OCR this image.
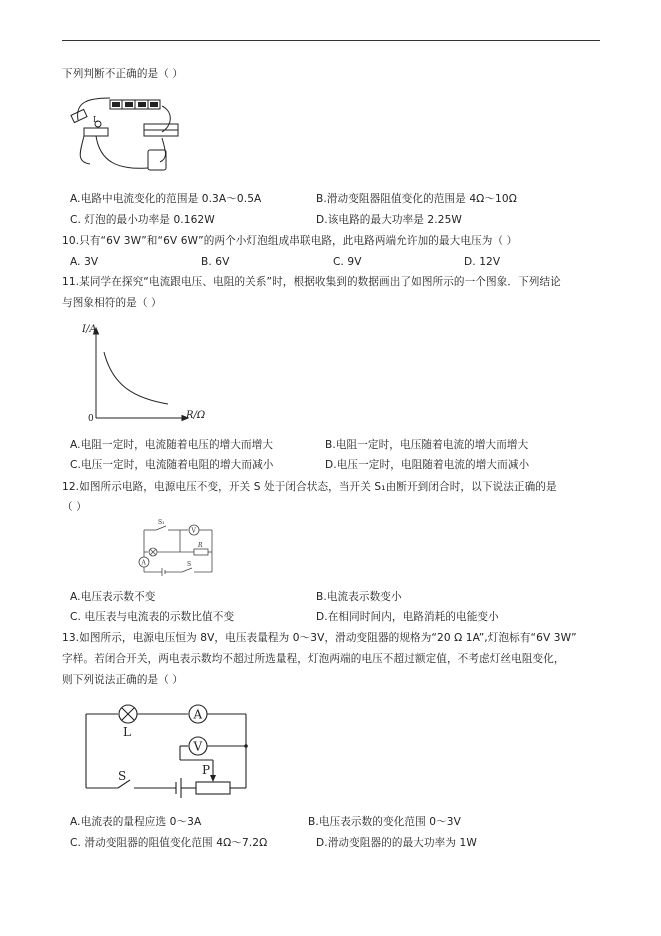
下列判断不正确的是（ ）
L
A.电路中电流变化的范围是 0.3A～0.5A	B.滑动变阻器阻值变化的范围是 4Ω～10Ω
C. 灯泡的最小功率是 0.162W	D.该电路的最大功率是 2.25W
10.只有“6V 3W”和“6V 6W”的两个小灯泡组成串联电路，此电路两端允许加的最大电压为（ ）
A. 3V	B. 6V	C. 9V	D. 12V
11.某同学在探究“电流跟电压、电阻的关系”时，根据收集到的数据画出了如图所示的一个图象．下列结论
与图象相符的是（ ）
I/A
R/Ω
0
A.电阻一定时，电流随着电压的增大而增大	B.电阻一定时，电压随着电流的增大而增大
C.电压一定时，电流随着电阻的增大而减小	D.电压一定时，电阻随着电流的增大而减小
12.如图所示电路，电源电压不变，开关 S 处于闭合状态，当开关 S₁由断开到闭合时，以下说法正确的是
（ ）
S₁
V
R
A	S
A.电压表示数不变	B.电流表示数变小
C. 电压表与电流表的示数比值不变	D.在相同时间内，电路消耗的电能变小
13.如图所示，电源电压恒为 8V，电压表量程为 0～3V，滑动变阻器的规格为“20 Ω 1A”,灯泡标有“6V 3W”
字样。若闭合开关，两电表示数均不超过所选量程，灯泡两端的电压不超过额定值，不考虑灯丝电阻变化，
则下列说法正确的是（ ）
L
A
V
S	P
A.电流表的量程应选 0～3A	B.电压表示数的变化范围 0～3V
C. 滑动变阻器的阻值变化范围 4Ω～7.2Ω	D.滑动变阻器的的最大功率为 1W
